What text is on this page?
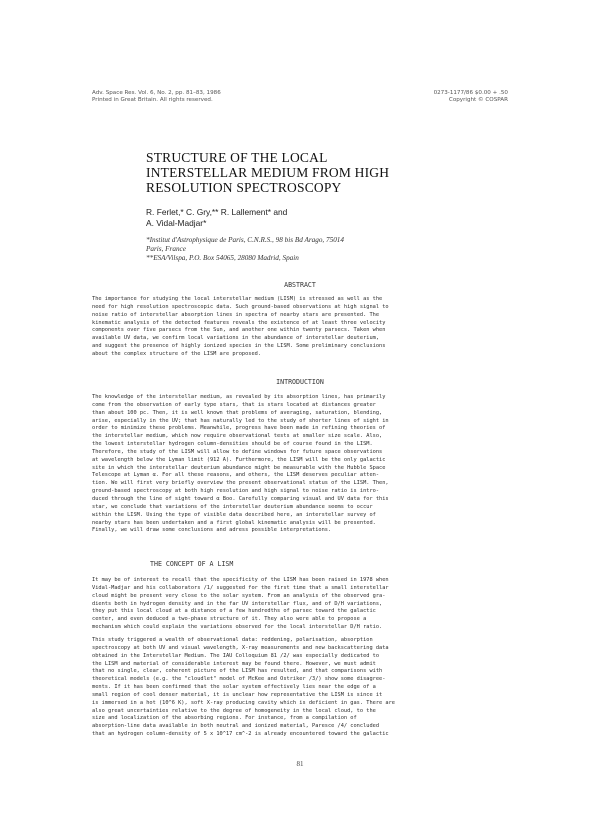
Adv. Space Res. Vol. 6, No. 2, pp. 81–83, 1986
Printed in Great Britain. All rights reserved.
0273-1177/86 $0.00 + .50
Copyright © COSPAR
STRUCTURE OF THE LOCAL
INTERSTELLAR MEDIUM FROM HIGH
RESOLUTION SPECTROSCOPY
R. Ferlet,* C. Gry,** R. Lallement* and
A. Vidal-Madjar*
*Institut d'Astrophysique de Paris, C.N.R.S., 98 bis Bd Arago, 75014
Paris, France
**ESA/Vilspa, P.O. Box 54065, 28080 Madrid, Spain
ABSTRACT
The importance for studying the local interstellar medium (LISM) is stressed as well as the
need for high resolution spectroscopic data. Such ground-based observations at high signal to
noise ratio of interstellar absorption lines in spectra of nearby stars are presented. The
kinematic analysis of the detected features reveals the existence of at least three velocity
components over five parsecs from the Sun, and another one within twenty parsecs. Taken when
available UV data, we confirm local variations in the abundance of interstellar deuterium,
and suggest the presence of highly ionized species in the LISM. Some preliminary conclusions
about the complex structure of the LISM are proposed.
INTRODUCTION
The knowledge of the interstellar medium, as revealed by its absorption lines, has primarily
come from the observation of early type stars, that is stars located at distances greater
than about 100 pc. Then, it is well known that problems of averaging, saturation, blending,
arise, especially in the UV; that has naturally led to the study of shorter lines of sight in
order to minimize these problems. Meanwhile, progress have been made in refining theories of
the interstellar medium, which now require observational tests at smaller size scale. Also,
the lowest interstellar hydrogen column-densities should be of course found in the LISM.
Therefore, the study of the LISM will allow to define windows for future space observations
at wavelength below the Lyman limit (912 Å). Furthermore, the LISM will be the only galactic
site in which the interstellar deuterium abundance might be measurable with the Hubble Space
Telescope at Lyman α. For all these reasons, and others, the LISM deserves peculiar atten-
tion. We will first very briefly overview the present observational status of the LISM. Then,
ground-based spectroscopy at both high resolution and high signal to noise ratio is intro-
duced through the line of sight toward α Boo. Carefully comparing visual and UV data for this
star, we conclude that variations of the interstellar deuterium abundance seems to occur
within the LISM. Using the type of visible data described here, an interstellar survey of
nearby stars has been undertaken and a first global kinematic analysis will be presented.
Finally, we will draw some conclusions and adress possible interpretations.
THE CONCEPT OF A LISM
It may be of interest to recall that the specificity of the LISM has been raised in 1978 when
Vidal-Madjar and his collaborators /1/ suggested for the first time that a small interstellar
cloud might be present very close to the solar system. From an analysis of the observed gra-
dients both in hydrogen density and in the far UV interstellar flux, and of D/H variations,
they put this local cloud at a distance of a few hundredths of parsec toward the galactic
center, and even deduced a two-phase structure of it. They also were able to propose a
mechanism which could explain the variations observed for the local interstellar D/H ratio.
This study triggered a wealth of observational data: reddening, polarisation, absorption
spectroscopy at both UV and visual wavelength, X-ray measurements and new backscattering data
obtained in the Interstellar Medium. The IAU Colloquium 81 /2/ was especially dedicated to
the LISM and material of considerable interest may be found there. However, we must admit
that no single, clear, coherent picture of the LISM has resulted, and that comparisons with
theoretical models (e.g. the "cloudlet" model of McKee and Ostriker /3/) show some disagree-
ments. If it has been confirmed that the solar system effectively lies near the edge of a
small region of cool denser material, it is unclear how representative the LISM is since it
is immersed in a hot (10^6 K), soft X-ray producing cavity which is deficient in gas. There are
also great uncertainties relative to the degree of homogeneity in the local cloud, to the
size and localization of the absorbing regions. For instance, from a compilation of
absorption-line data available in both neutral and ionized material, Paresce /4/ concluded
that an hydrogen column-density of 5 x 10^17 cm^-2 is already encountered toward the galactic
81
